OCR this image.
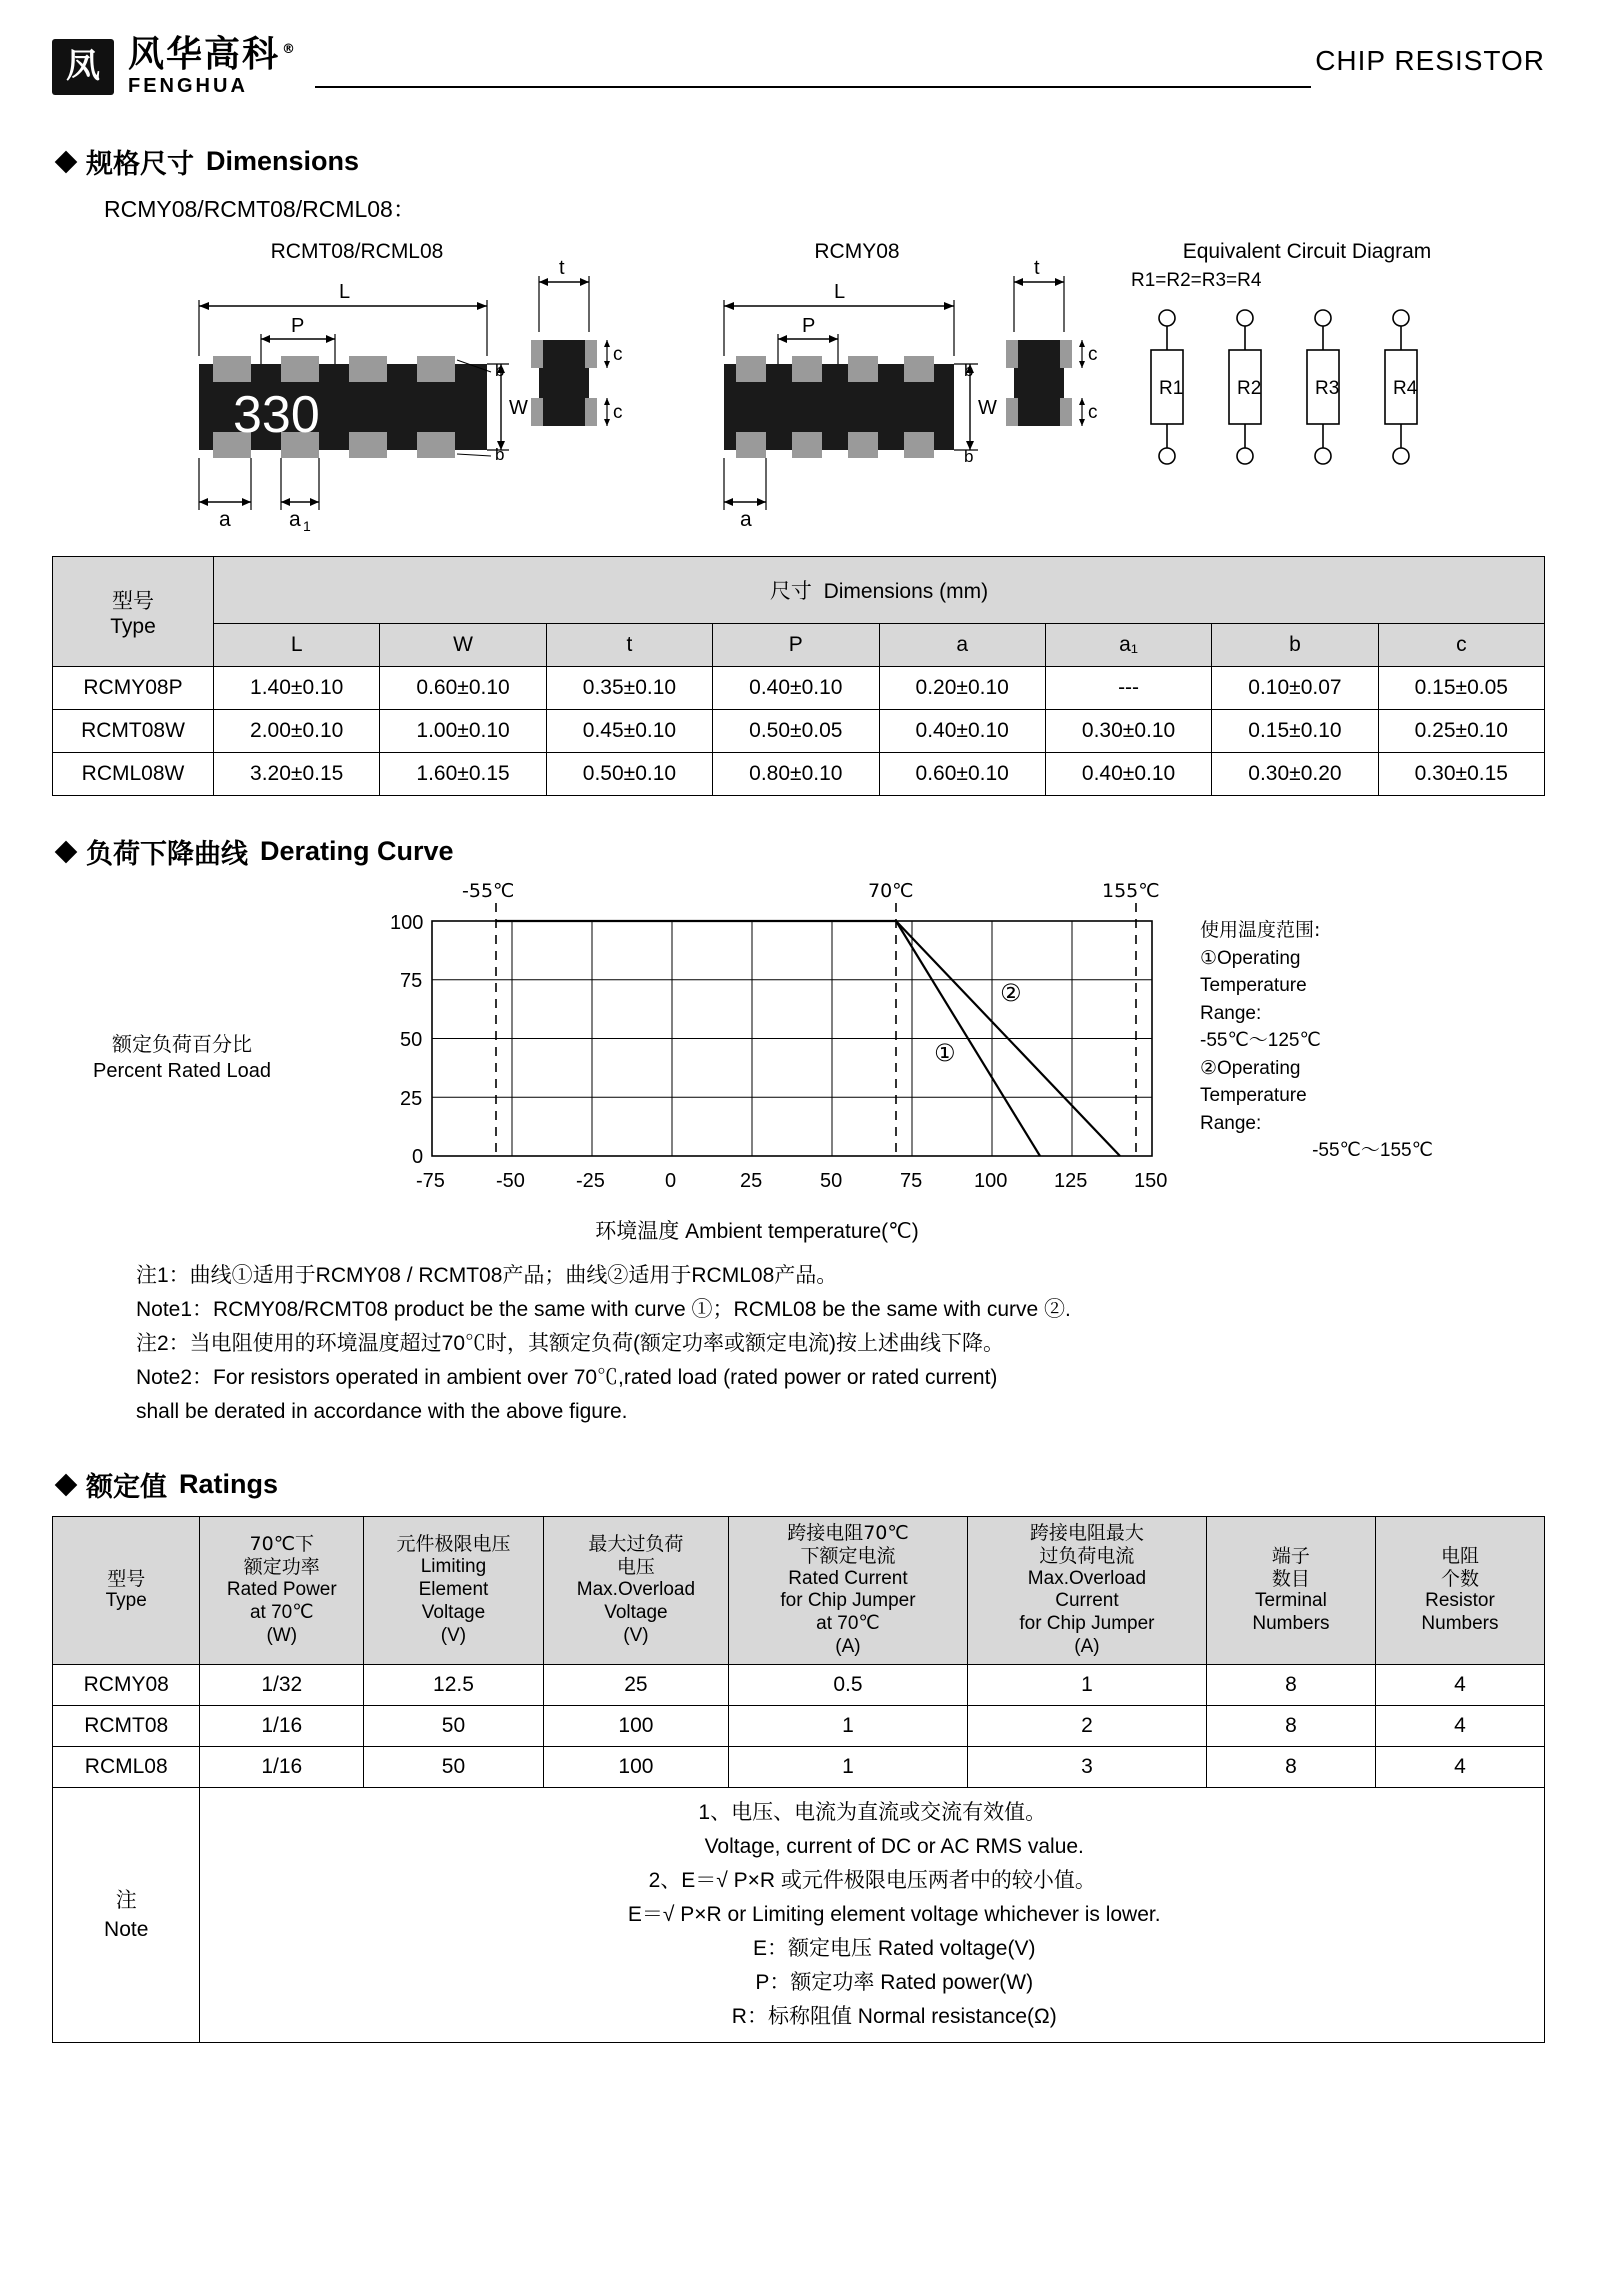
凤 风华高科 ®
FENGHUA
CHIP RESISTOR
规格尺寸 Dimensions
RCMY08/RCMT08/RCML08：
RCMT08/RCML08
L
P
330	W
b
b
a	a 1
t
c
c
RCMY08
L
P
W
b
b
a
t
c
c
Equivalent Circuit Diagram
R1=R2=R3=R4
R1	R2	R3	R4
型号
Type	尺寸 Dimensions (mm)							
	L	W	t	P	a	a₁	b	c
RCMY08P	1.40±0.10	0.60±0.10	0.35±0.10	0.40±0.10	0.20±0.10	---	0.10±0.07	0.15±0.05
RCMT08W	2.00±0.10	1.00±0.10	0.45±0.10	0.50±0.05	0.40±0.10	0.30±0.10	0.15±0.10	0.25±0.10
RCML08W	3.20±0.15	1.60±0.15	0.50±0.10	0.80±0.10	0.60±0.10	0.40±0.10	0.30±0.20	0.30±0.15
负荷下降曲线 Derating Curve
额定负荷百分比
Percent Rated Load
-55℃	70℃	155℃
100
75
50
25
0
-75	-50	-25	0	25	50	75	100 125 150
①
②
环境温度 Ambient temperature(℃)
使用温度范围:
①Operating
Temperature
Range:
-55℃～125℃
②Operating
Temperature
Range:
-55℃～155℃
注1：曲线①适用于RCMY08 / RCMT08产品；曲线②适用于RCML08产品。
Note1：RCMY08/RCMT08 product be the same with curve ①；RCML08 be the same with curve ②.
注2：当电阻使用的环境温度超过70℃时，其额定负荷(额定功率或额定电流)按上述曲线下降。
Note2：For resistors operated in ambient over 70℃,rated load (rated power or rated current)
shall be derated in accordance with the above figure.
额定值 Ratings
型号
Type

70℃下
额定功率
Rated Power
at 70℃
(W)

元件极限电压
Limiting
Element
Voltage
(V)

最大过负荷
电压
Max.Overload
Voltage
(V)

跨接电阻70℃
下额定电流
Rated Current
for Chip Jumper
at 70℃
(A)

跨接电阻最大
过负荷电流
Max.Overload
Current
for Chip Jumper
(A)

端子
数目
Terminal
Numbers

电阻
个数
Resistor
Numbers

RCMY08	1/32	12.5	25	0.5	1	8	4
RCMT08	1/16	50	100	1	2	8	4
RCML08	1/16	50	100	1	3	8	4

注
Note

1、电压、电流为直流或交流有效值。
Voltage, current of DC or AC RMS value.
2、E＝√ P×R 或元件极限电压两者中的较小值。
E＝√ P×R or Limiting element voltage whichever is lower.
E：额定电压 Rated voltage(V)
P：额定功率 Rated power(W)
R：标称阻值 Normal resistance(Ω)
